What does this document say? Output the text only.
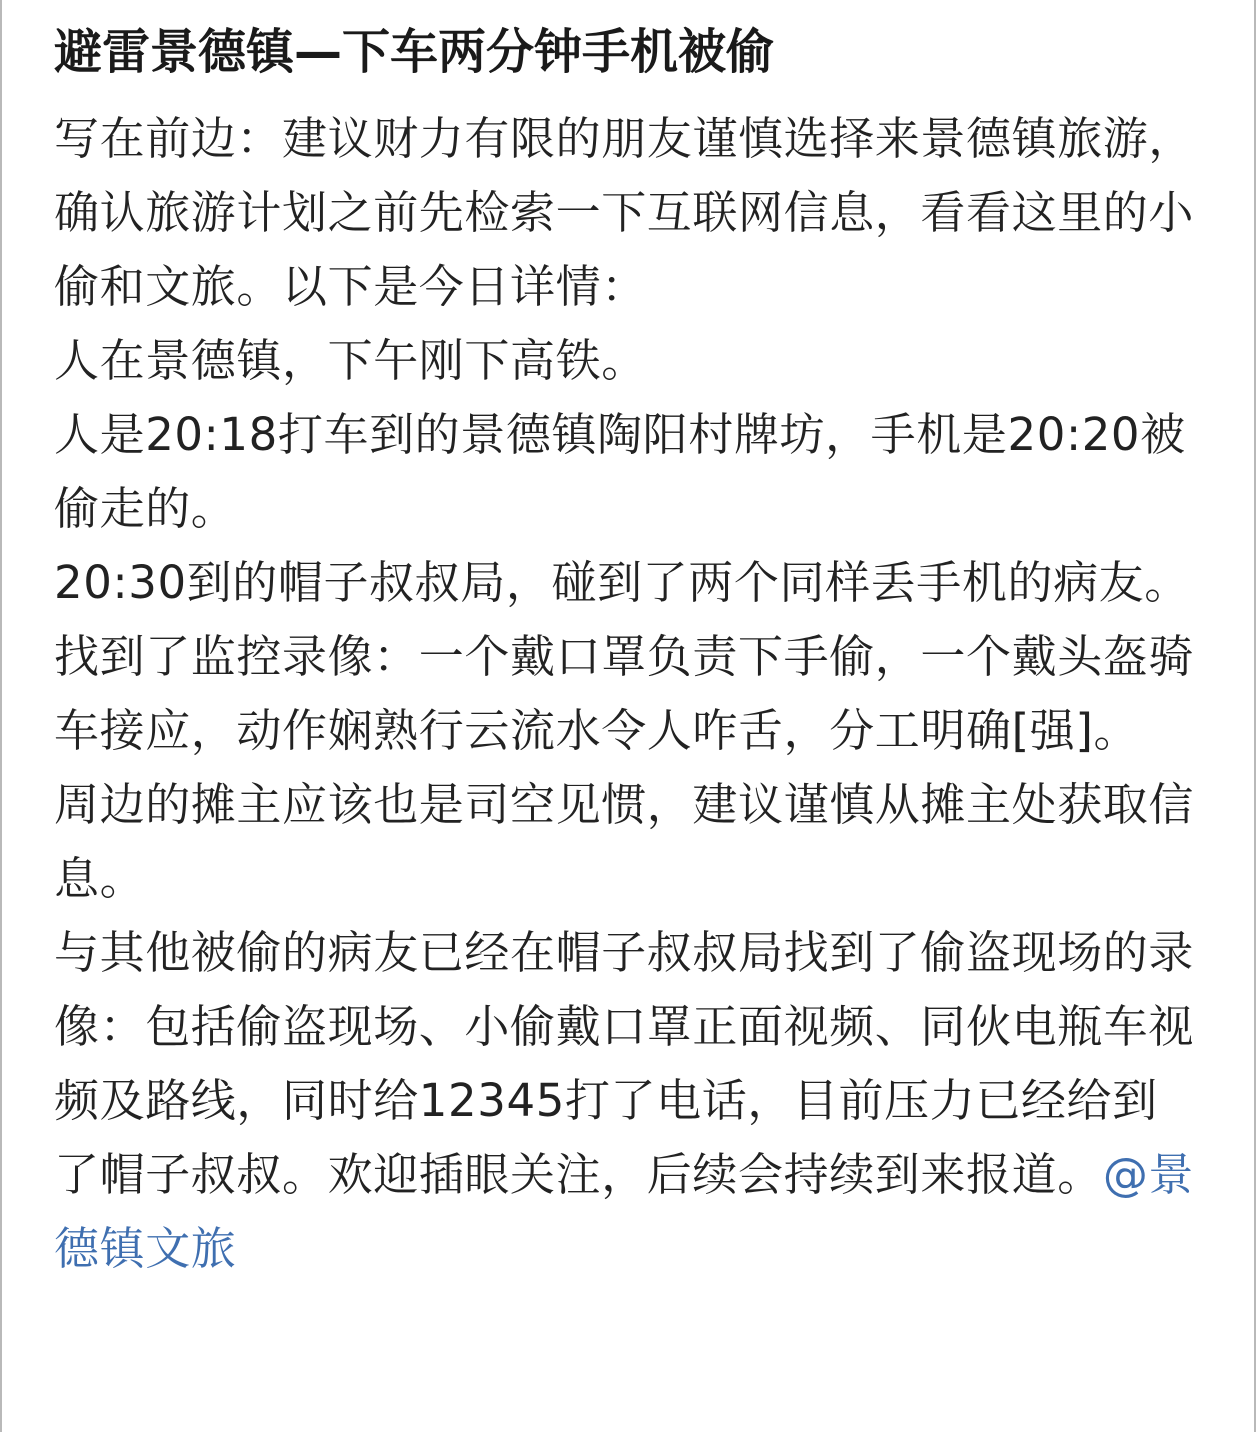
避雷景德镇—下车两分钟手机被偷

写在前边：建议财力有限的朋友谨慎选择来景德镇旅游，确认旅游计划之前先检索一下互联网信息，看看这里的小偷和文旅。以下是今日详情：

人在景德镇，下午刚下高铁。

人是20:18打车到的景德镇陶阳村牌坊，手机是20:20被偷走的。

20:30到的帽子叔叔局，碰到了两个同样丢手机的病友。

找到了监控录像：一个戴口罩负责下手偷，一个戴头盔骑车接应，动作娴熟行云流水令人咋舌，分工明确[强]。

周边的摊主应该也是司空见惯，建议谨慎从摊主处获取信息。

与其他被偷的病友已经在帽子叔叔局找到了偷盗现场的录像：包括偷盗现场、小偷戴口罩正面视频、同伙电瓶车视频及路线，同时给12345打了电话，目前压力已经给到了帽子叔叔。欢迎插眼关注，后续会持续到来报道。@景德镇文旅
